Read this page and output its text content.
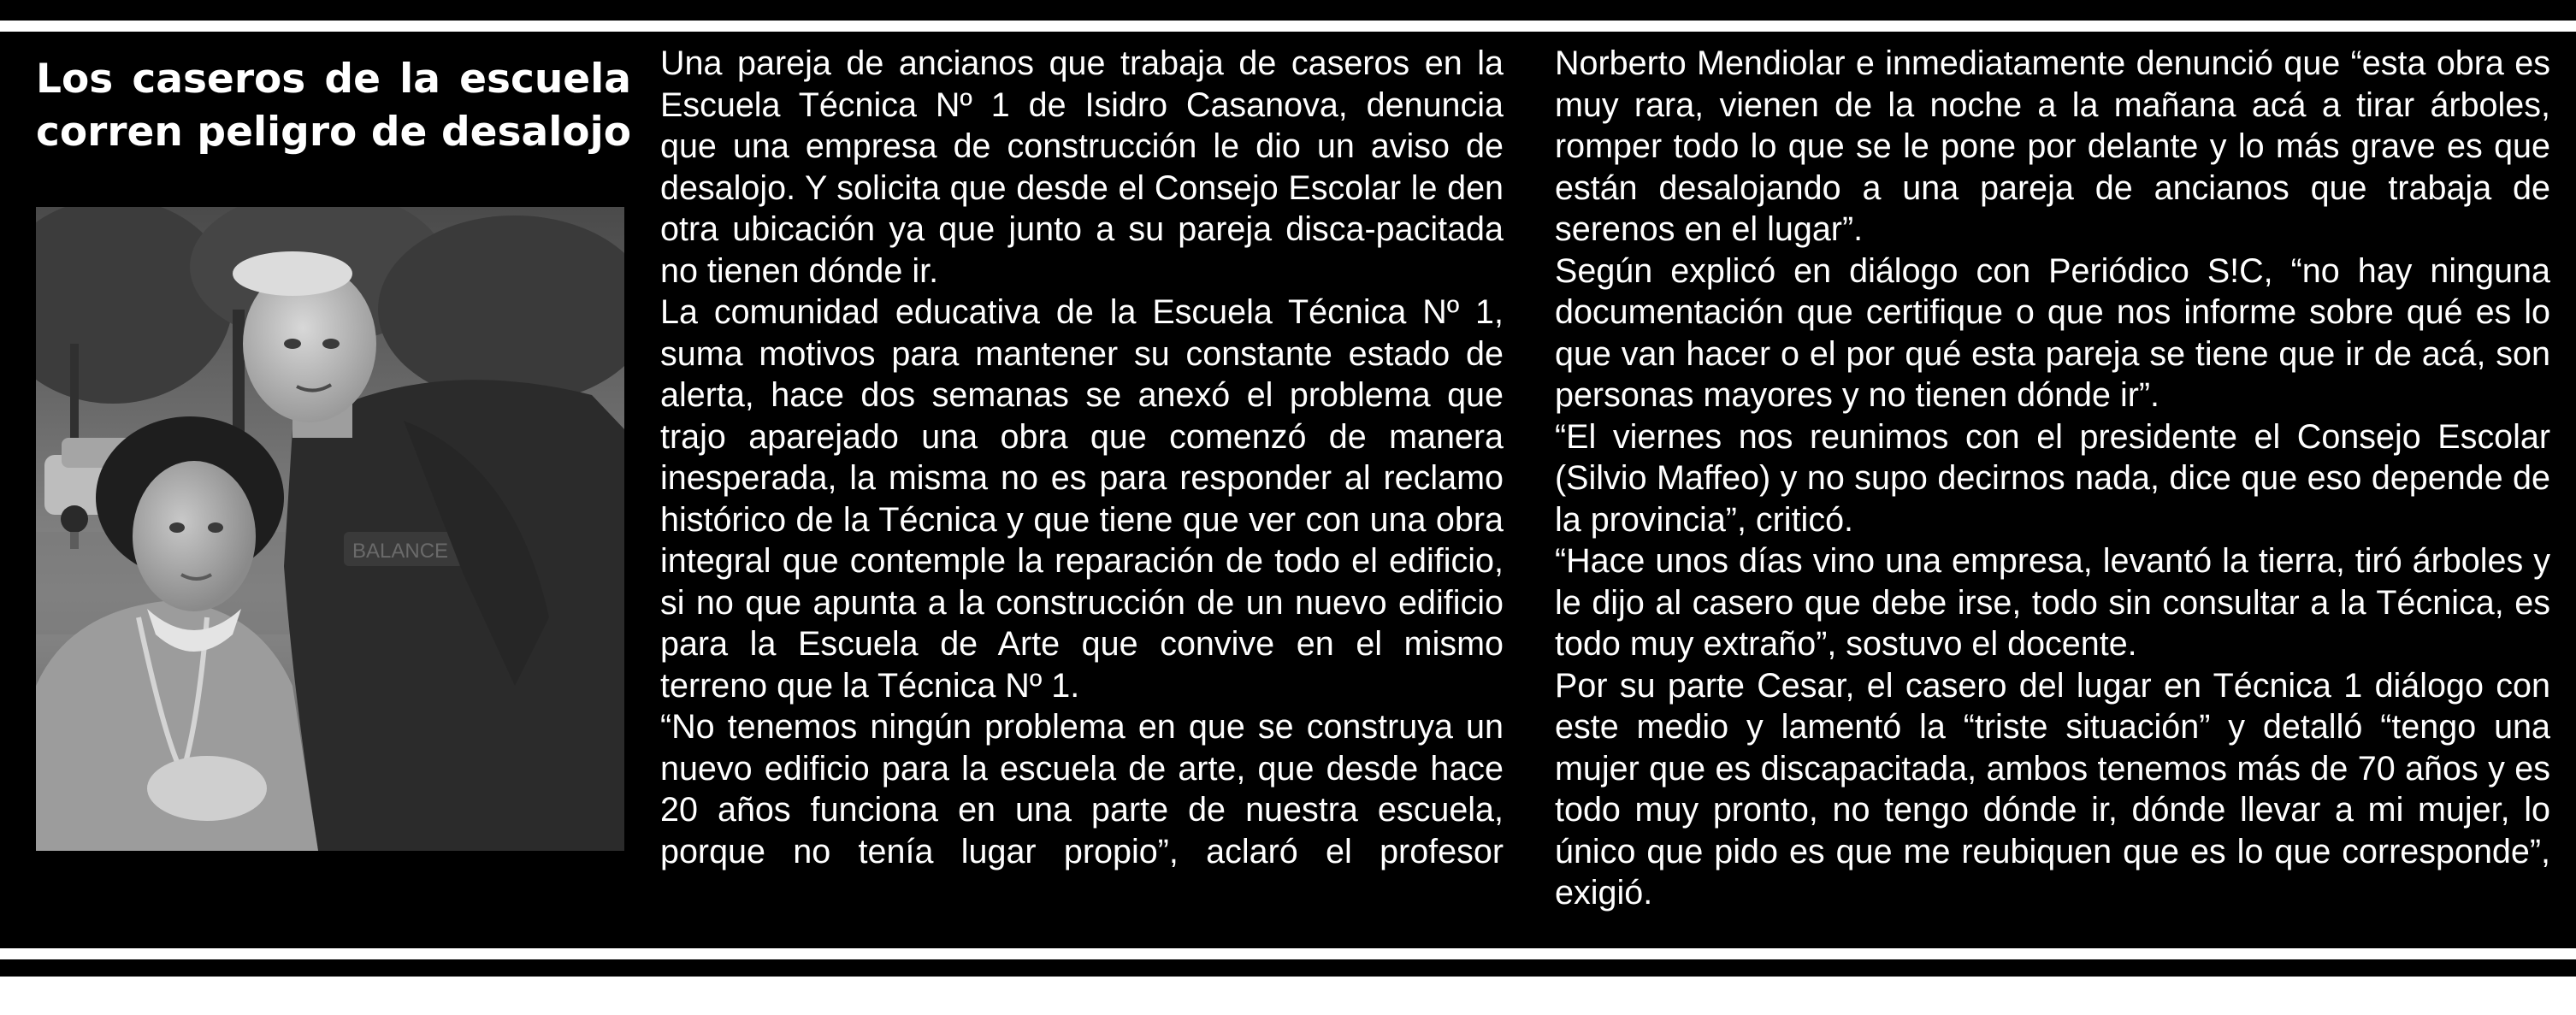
Los caseros de la escuela
corren peligro de desalojo
BALANCE

Una pareja de ancianos que trabaja de caseros en la Escuela Técnica Nº 1 de Isidro Casanova, denuncia que una empresa de construcción le dio un aviso de desalojo. Y solicita que desde el Consejo Escolar le den otra ubicación ya que junto a su pareja disca-pacitada no tienen dónde ir.

La comunidad educativa de la Escuela Técnica Nº 1, suma motivos para mantener su constante estado de alerta, hace dos semanas se anexó el problema que trajo aparejado una obra que comenzó de manera inesperada, la misma no es para responder al reclamo histórico de la Técnica y que tiene que ver con una obra integral que contemple la reparación de todo el edificio, si no que apunta a la construcción de un nuevo edificio para la Escuela de Arte que convive en el mismo terreno que la Técnica Nº 1.

“No tenemos ningún problema en que se construya un nuevo edificio para la escuela de arte, que desde hace 20 años funciona en una parte de nuestra escuela, porque no tenía lugar propio”, aclaró el profesor

Norberto Mendiolar e inmediatamente denunció que “esta obra es muy rara, vienen de la noche a la mañana acá a tirar árboles, romper todo lo que se le pone por delante y lo más grave es que están desalojando a una pareja de ancianos que trabaja de serenos en el lugar”.

Según explicó en diálogo con Periódico S!C, “no hay ninguna documentación que certifique o que nos informe sobre qué es lo que van hacer o el por qué esta pareja se tiene que ir de acá, son personas mayores y no tienen dónde ir”.

“El viernes nos reunimos con el presidente el Consejo Escolar (Silvio Maffeo) y no supo decirnos nada, dice que eso depende de la provincia”, criticó.

“Hace unos días vino una empresa, levantó la tierra, tiró árboles y le dijo al casero que debe irse, todo sin consultar a la Técnica, es todo muy extraño”, sostuvo el docente.

Por su parte Cesar, el casero del lugar en Técnica 1 diálogo con este medio y lamentó la “triste situación” y detalló “tengo una mujer que es discapacitada, ambos tenemos más de 70 años y es todo muy pronto, no tengo dónde ir, dónde llevar a mi mujer, lo único que pido es que me reubiquen que es lo que corresponde”, exigió.
